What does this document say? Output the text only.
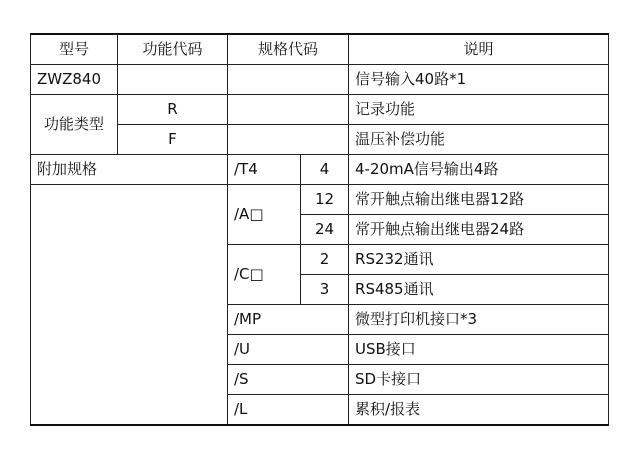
型号	功能代码	规格代码		说明
ZWZ840				信号输入40路*1
功能类型	R			记录功能
	F			温压补偿功能
附加规格		/T4	4	4-20mA信号输出4路
		/A□	12	常开触点输出继电器12路
			24	常开触点输出继电器24路
		/C□	2	RS232通讯
			3	RS485通讯
		/MP		微型打印机接口*3
		/U		USB接口
		/S		SD卡接口
		/L		累积/报表
